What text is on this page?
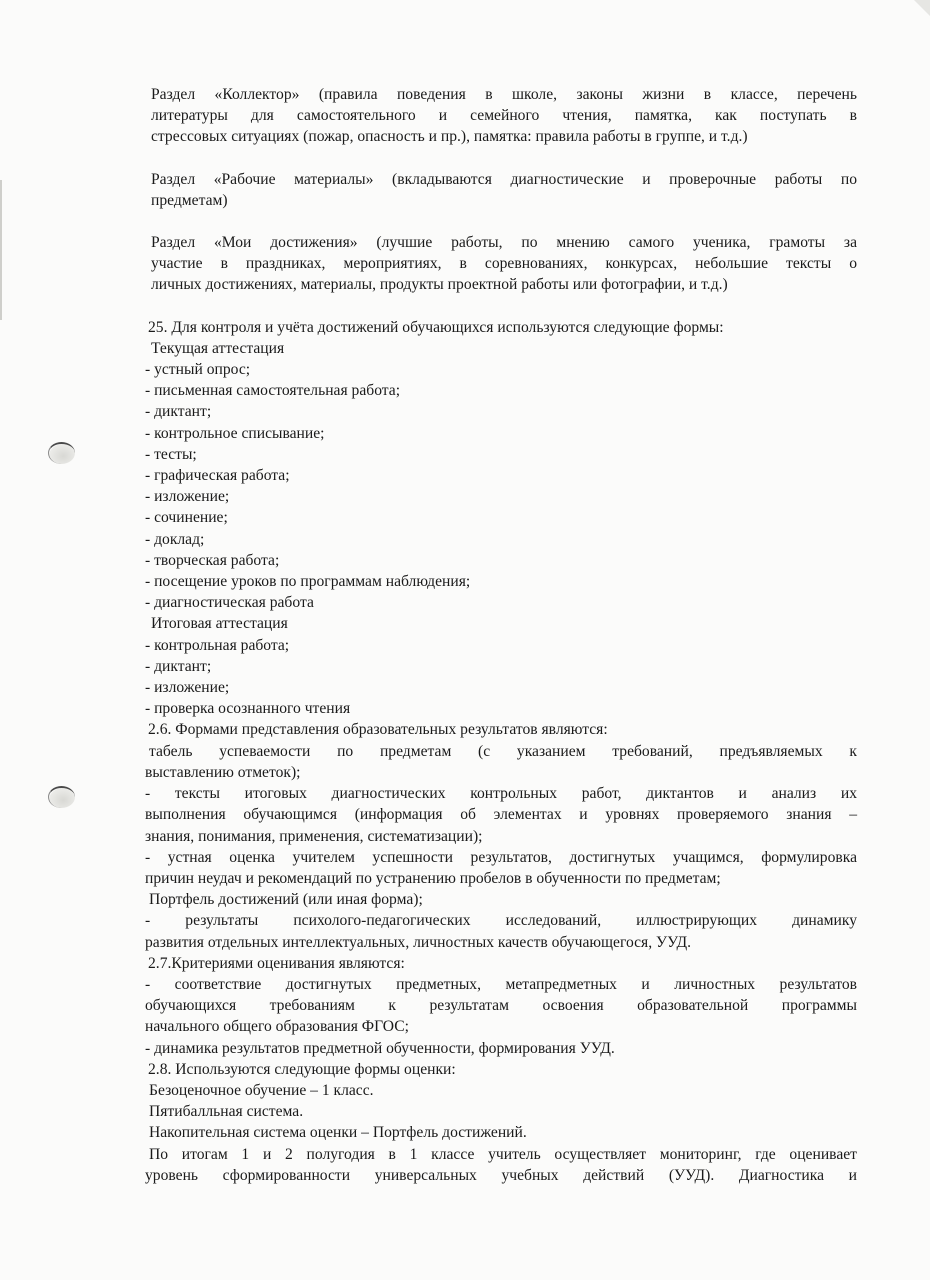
Раздел «Коллектор» (правила поведения в школе, законы жизни в классе, перечень
литературы для самостоятельного и семейного чтения, памятка, как поступать в
стрессовых ситуациях (пожар, опасность и пр.), памятка: правила работы в группе, и т.д.)
Раздел «Рабочие материалы» (вкладываются диагностические и проверочные работы по
предметам)
Раздел «Мои достижения» (лучшие работы, по мнению самого ученика, грамоты за
участие в праздниках, мероприятиях, в соревнованиях, конкурсах, небольшие тексты о
личных достижениях, материалы, продукты проектной работы или фотографии, и т.д.)
25. Для контроля и учёта достижений обучающихся используются следующие формы:
Текущая аттестация
- устный опрос;
- письменная самостоятельная работа;
- диктант;
- контрольное списывание;
- тесты;
- графическая работа;
- изложение;
- сочинение;
- доклад;
- творческая работа;
- посещение уроков по программам наблюдения;
- диагностическая работа
Итоговая аттестация
- контрольная работа;
- диктант;
- изложение;
- проверка осознанного чтения
2.6. Формами представления образовательных результатов являются:
табель успеваемости по предметам (с указанием требований, предъявляемых к
выставлению отметок);
- тексты итоговых диагностических контрольных работ, диктантов и анализ их
выполнения обучающимся (информация об элементах и уровнях проверяемого знания –
знания, понимания, применения, систематизации);
- устная оценка учителем успешности результатов, достигнутых учащимся, формулировка
причин неудач и рекомендаций по устранению пробелов в обученности по предметам;
Портфель достижений (или иная форма);
- результаты психолого-педагогических исследований, иллюстрирующих динамику
развития отдельных интеллектуальных, личностных качеств обучающегося, УУД.
2.7.Критериями оценивания являются:
- соответствие достигнутых предметных, метапредметных и личностных результатов
обучающихся требованиям к результатам освоения образовательной программы
начального общего образования ФГОС;
- динамика результатов предметной обученности, формирования УУД.
2.8. Используются следующие формы оценки:
Безоценочное обучение – 1 класс.
Пятибалльная система.
Накопительная система оценки – Портфель достижений.
По итогам 1 и 2 полугодия в 1 классе учитель осуществляет мониторинг, где оценивает
уровень сформированности универсальных учебных действий (УУД). Диагностика и
